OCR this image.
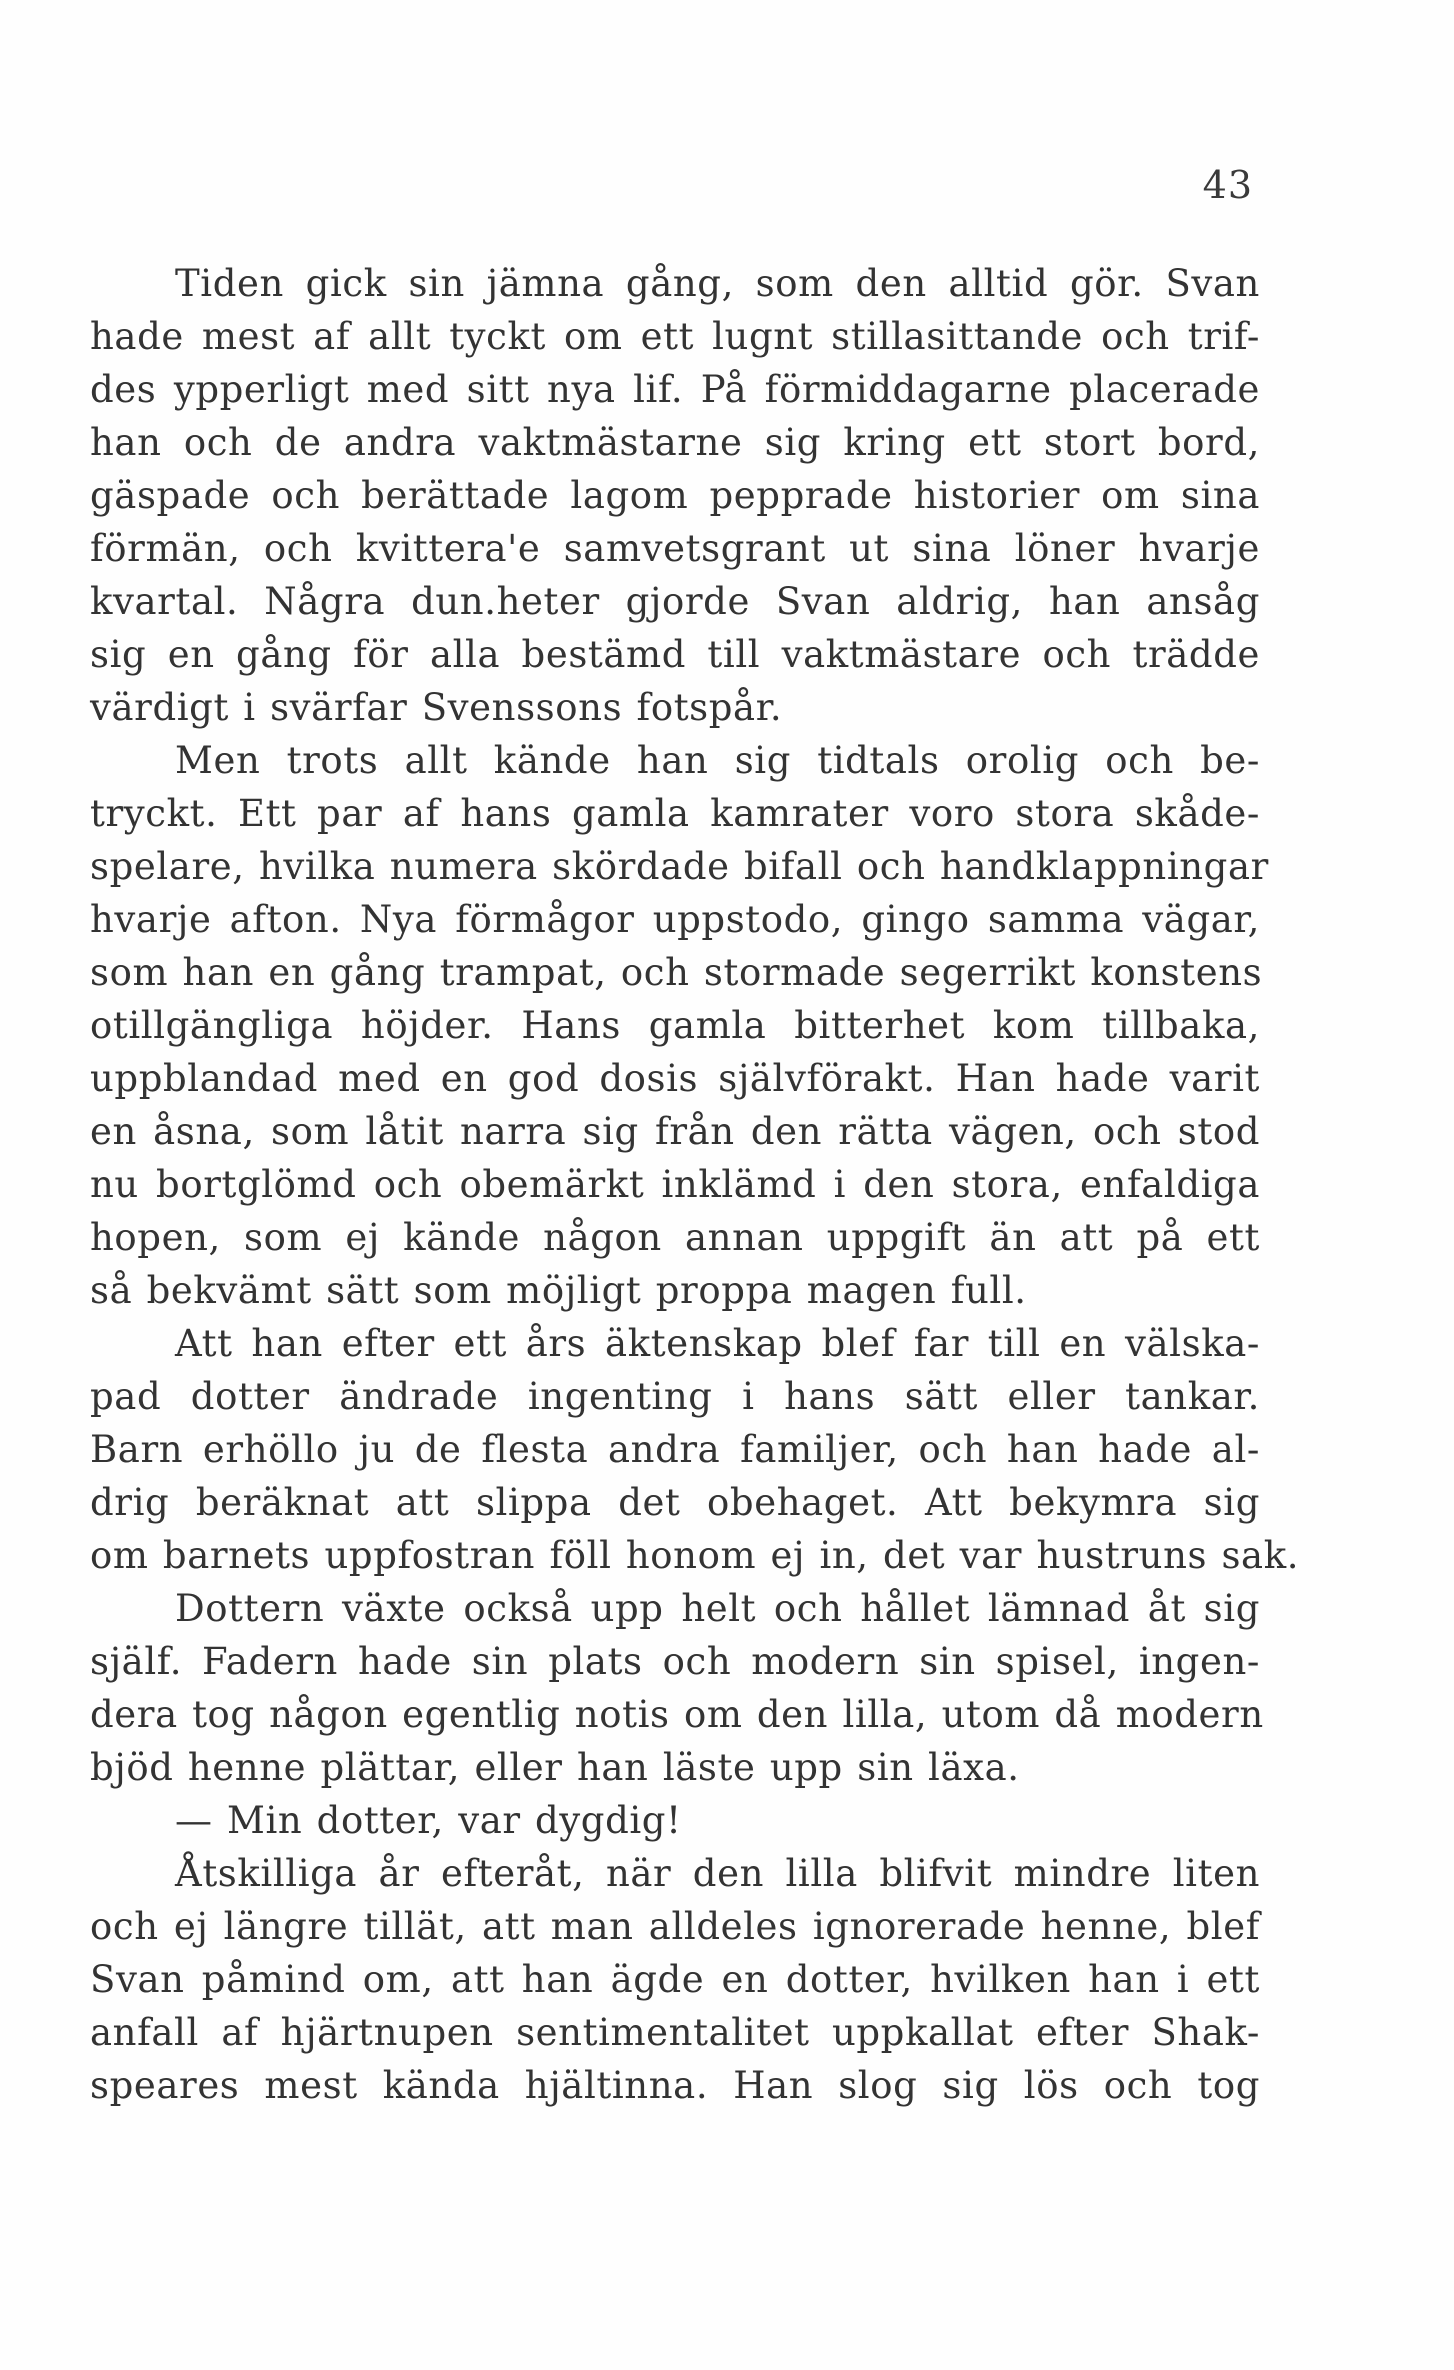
43
Tiden gick sin jämna gång, som den alltid gör. Svan
hade mest af allt tyckt om ett lugnt stillasittande och trif-
des ypperligt med sitt nya lif. På förmiddagarne placerade
han och de andra vaktmästarne sig kring ett stort bord,
gäspade och berättade lagom pepprade historier om sina
förmän, och kvittera'e samvetsgrant ut sina löner hvarje
kvartal. Några dun.heter gjorde Svan aldrig, han ansåg
sig en gång för alla bestämd till vaktmästare och trädde
värdigt i svärfar Svenssons fotspår.
Men trots allt kände han sig tidtals orolig och be-
tryckt. Ett par af hans gamla kamrater voro stora skåde-
spelare, hvilka numera skördade bifall och handklappningar
hvarje afton. Nya förmågor uppstodo, gingo samma vägar,
som han en gång trampat, och stormade segerrikt konstens
otillgängliga höjder. Hans gamla bitterhet kom tillbaka,
uppblandad med en god dosis självförakt. Han hade varit
en åsna, som låtit narra sig från den rätta vägen, och stod
nu bortglömd och obemärkt inklämd i den stora, enfaldiga
hopen, som ej kände någon annan uppgift än att på ett
så bekvämt sätt som möjligt proppa magen full.
Att han efter ett års äktenskap blef far till en välska-
pad dotter ändrade ingenting i hans sätt eller tankar.
Barn erhöllo ju de flesta andra familjer, och han hade al-
drig beräknat att slippa det obehaget. Att bekymra sig
om barnets uppfostran föll honom ej in, det var hustruns sak.
Dottern växte också upp helt och hållet lämnad åt sig
själf. Fadern hade sin plats och modern sin spisel, ingen-
dera tog någon egentlig notis om den lilla, utom då modern
bjöd henne plättar, eller han läste upp sin läxa.
— Min dotter, var dygdig!
Åtskilliga år efteråt, när den lilla blifvit mindre liten
och ej längre tillät, att man alldeles ignorerade henne, blef
Svan påmind om, att han ägde en dotter, hvilken han i ett
anfall af hjärtnupen sentimentalitet uppkallat efter Shak-
speares mest kända hjältinna. Han slog sig lös och tog
